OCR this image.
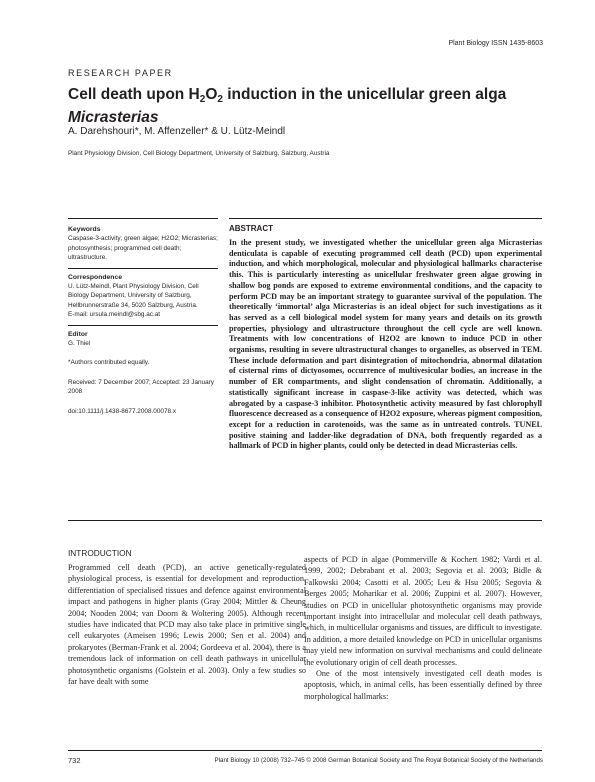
Plant Biology ISSN 1435-8603
RESEARCH PAPER
Cell death upon $H_2O_2$ induction in the unicellular green alga
Micrasterias
A. Darehshouri*, M. Affenzeller* & U. Lütz-Meindl
Plant Physiology Division, Cell Biology Department, University of Salzburg, Salzburg, Austria
Keywords
Caspase-3-activity; green algae; H2O2; Micrasterias; photosynthesis; programmed cell death; ultrastructure.
Correspondence
U. Lütz-Meindl, Plant Physiology Division, Cell Biology Department, University of Salzburg, Hellbrunnerstraße 34, 5020 Salzburg, Austria.
E-mail: ursula.meindl@sbg.ac.at
Editor
G. Thiel
*Authors contributed equally.
Received: 7 December 2007; Accepted: 23 January 2008
doi:10.1111/j.1438-8677.2008.00078.x
ABSTRACT
In the present study, we investigated whether the unicellular green alga Micrasterias denticulata is capable of executing programmed cell death (PCD) upon experimental induction, and which morphological, molecular and physiological hallmarks characterise this. This is particularly interesting as unicellular freshwater green algae growing in shallow bog ponds are exposed to extreme environmental conditions, and the capacity to perform PCD may be an important strategy to guarantee survival of the population. The theoretically ‘immortal’ alga Micrasterias is an ideal object for such investigations as it has served as a cell biological model system for many years and details on its growth properties, physiology and ultrastructure throughout the cell cycle are well known. Treatments with low concentrations of H2O2 are known to induce PCD in other organisms, resulting in severe ultrastructural changes to organelles, as observed in TEM. These include deformation and part disintegration of mitochondria, abnormal dilatation of cisternal rims of dictyosomes, occurrence of multivesicular bodies, an increase in the number of ER compartments, and slight condensation of chromatin. Additionally, a statistically significant increase in caspase-3-like activity was detected, which was abrogated by a caspase-3 inhibitor. Photosynthetic activity measured by fast chlorophyll fluorescence decreased as a consequence of H2O2 exposure, whereas pigment composition, except for a reduction in carotenoids, was the same as in untreated controls. TUNEL positive staining and ladder-like degradation of DNA, both frequently regarded as a hallmark of PCD in higher plants, could only be detected in dead Micrasterias cells.
INTRODUCTION
Programmed cell death (PCD), an active genetically-regulated physiological process, is essential for development and reproduction, differentiation of specialised tissues and defence against environmental impact and pathogens in higher plants (Gray 2004; Mittler & Cheung 2004; Nooden 2004; van Doorn & Woltering 2005). Although recent studies have indicated that PCD may also take place in primitive single cell eukaryotes (Ameisen 1996; Lewis 2000; Sen et al. 2004) and prokaryotes (Berman-Frank et al. 2004; Gordeeva et al. 2004), there is a tremendous lack of information on cell death pathways in unicellular photosynthetic organisms (Golstein et al. 2003). Only a few studies so far have dealt with some
aspects of PCD in algae (Pommerville & Kochert 1982; Vardi et al. 1999, 2002; Debrabant et al. 2003; Segovia et al. 2003; Bidle & Falkowski 2004; Casotti et al. 2005; Leu & Hsu 2005; Segovia & Berges 2005; Moharikar et al. 2006; Zuppini et al. 2007). However, studies on PCD in unicellular photosynthetic organisms may provide important insight into intracellular and molecular cell death pathways, which, in multicellular organisms and tissues, are difficult to investigate. In addition, a more detailed knowledge on PCD in unicellular organisms may yield new information on survival mechanisms and could delineate the evolutionary origin of cell death processes.
One of the most intensively investigated cell death modes is apoptosis, which, in animal cells, has been essentially defined by three morphological hallmarks:
732	Plant Biology 10 (2008) 732–745 © 2008 German Botanical Society and The Royal Botanical Society of the Netherlands
